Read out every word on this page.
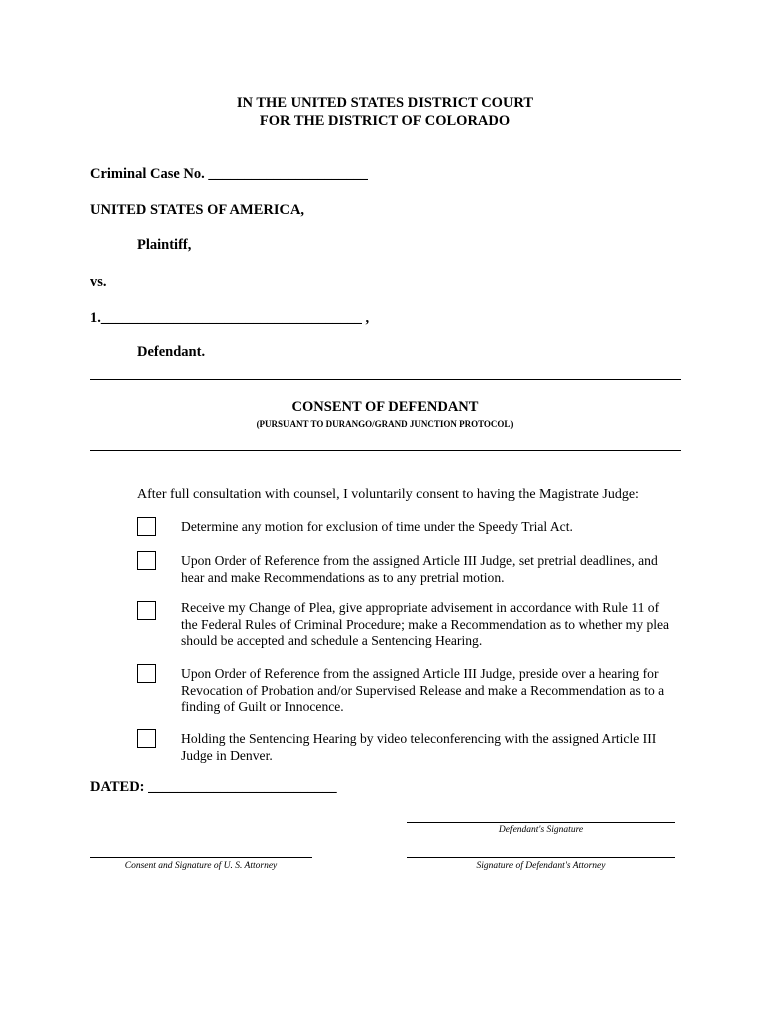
IN THE UNITED STATES DISTRICT COURT
FOR THE DISTRICT OF COLORADO
Criminal Case No. ______________________
UNITED STATES OF AMERICA,
Plaintiff,
vs.
1.____________________________________ ,
Defendant.
CONSENT OF DEFENDANT
(PURSUANT TO DURANGO/GRAND JUNCTION PROTOCOL)
After full consultation with counsel, I voluntarily consent to having the Magistrate Judge:
Determine any motion for exclusion of time under the Speedy Trial Act.
Upon Order of Reference from the assigned Article III Judge, set pretrial deadlines, and
hear and make Recommendations as to any pretrial motion.
Receive my Change of Plea, give appropriate advisement in accordance with Rule 11 of
the Federal Rules of Criminal Procedure; make a Recommendation as to whether my plea
should be accepted and schedule a Sentencing Hearing.
Upon Order of Reference from the assigned Article III Judge, preside over a hearing for
Revocation of Probation and/or Supervised Release and make a Recommendation as to a
finding of Guilt or Innocence.
Holding the Sentencing Hearing by video teleconferencing with the assigned Article III
Judge in Denver.
DATED: __________________________
Defendant's Signature
Consent and Signature of U. S. Attorney	Signature of Defendant's Attorney
